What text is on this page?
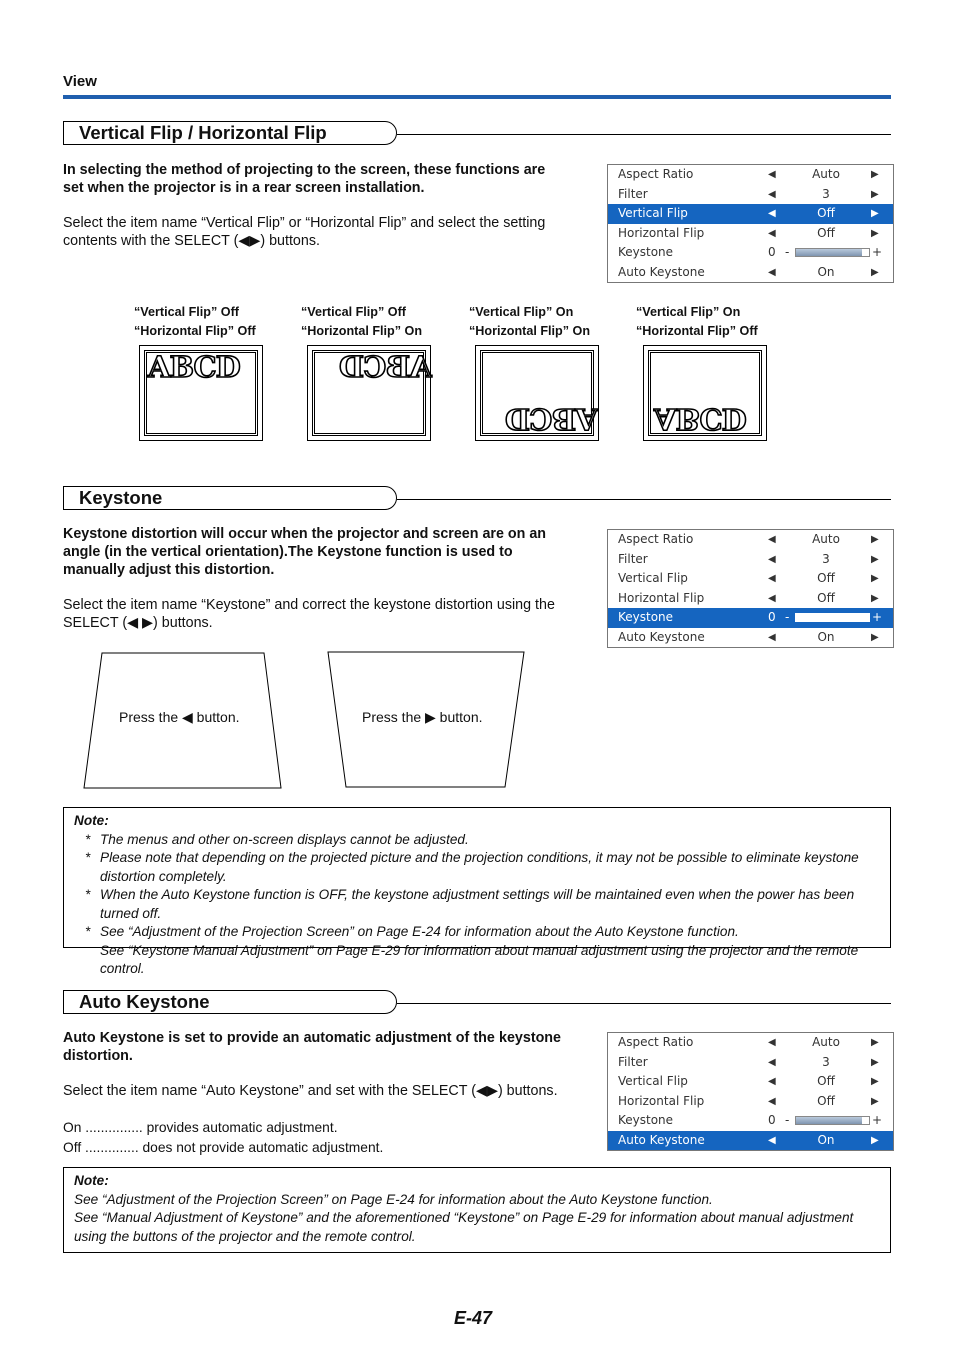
View
Vertical Flip / Horizontal Flip
In selecting the method of projecting to the screen, these functions are set when the projector is in a rear screen installation.
Select the item name “Vertical Flip” or “Horizontal Flip” and select the setting contents with the SELECT (◀▶) buttons.
Aspect Ratio	◀	Auto	▶
Filter	◀	3	▶
Vertical Flip	◀	Off	▶
Horizontal Flip	◀	Off	▶
Keystone	0 -	+
Auto Keystone	◀	On	▶
“Vertical Flip” Off
“Horizontal Flip” Off
“Vertical Flip” Off
“Horizontal Flip” On
“Vertical Flip” On
“Horizontal Flip” On
“Vertical Flip” On
“Horizontal Flip” Off
ABCD	ABCD
ABCD ABCD
Keystone
Keystone distortion will occur when the projector and screen are on an angle (in the vertical orientation).The Keystone function is used to manually adjust this distortion.
Select the item name “Keystone” and correct the keystone distortion using the SELECT (◀ ▶) buttons.
Aspect Ratio	◀	Auto	▶
Filter	◀	3	▶
Vertical Flip	◀	Off	▶
Horizontal Flip	◀	Off	▶
Keystone	0 -	+
Auto Keystone	◀	On	▶
Press the ◀ button.	Press the ▶ button.
Note:
* The menus and other on-screen displays cannot be adjusted.
* Please note that depending on the projected picture and the projection conditions, it may not be possible to eliminate keystone distortion completely.
* When the Auto Keystone function is OFF, the keystone adjustment settings will be maintained even when the power has been turned off.
* See “Adjustment of the Projection Screen” on Page E-24 for information about the Auto Keystone function.
See “Keystone Manual Adjustment” on Page E-29 for information about manual adjustment using the projector and the remote control.
Auto Keystone
Auto Keystone is set to provide an automatic adjustment of the keystone distortion.
Select the item name “Auto Keystone” and set with the SELECT (◀▶) buttons.
On ............... provides automatic adjustment.
Off .............. does not provide automatic adjustment.
Aspect Ratio	◀	Auto	▶
Filter	◀	3	▶
Vertical Flip	◀	Off	▶
Horizontal Flip	◀	Off	▶
Keystone	0 -	+
Auto Keystone	◀	On	▶
Note:
See “Adjustment of the Projection Screen” on Page E-24 for information about the Auto Keystone function.
See “Manual Adjustment of Keystone” and the aforementioned “Keystone” on Page E-29 for information about manual adjustment using the buttons of the projector and the remote control.
E-47
